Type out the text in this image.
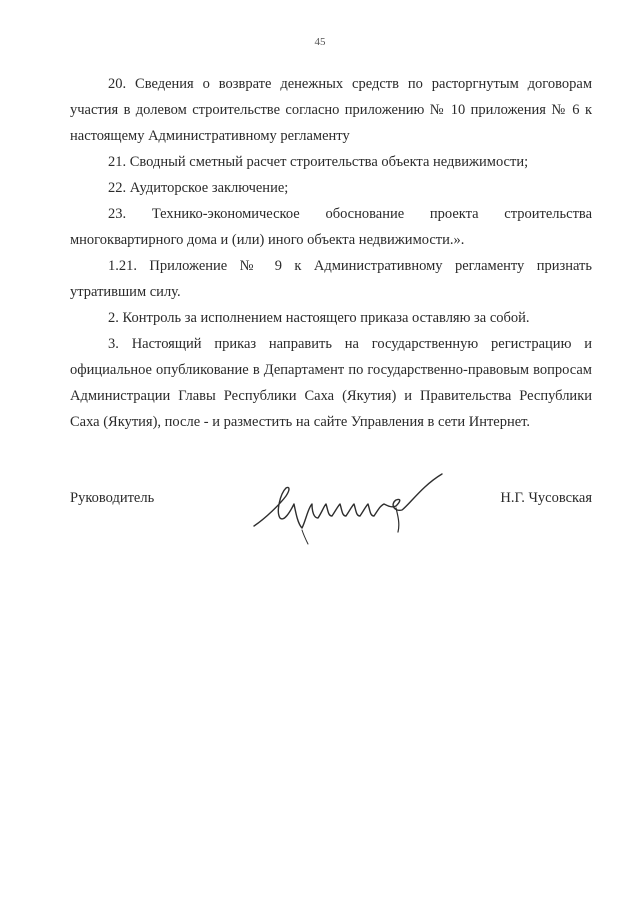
45

20. Сведения о возврате денежных средств по расторгнутым договорам участия в долевом строительстве согласно приложению № 10 приложения № 6 к настоящему Административному регламенту

21. Сводный сметный расчет строительства объекта недвижимости;

22. Аудиторское заключение;

23. Технико-экономическое обоснование проекта строительства многоквартирного дома и (или) иного объекта недвижимости.».

1.21. Приложение № 9 к Административному регламенту признать утратившим силу.

2. Контроль за исполнением настоящего приказа оставляю за собой.

3. Настоящий приказ направить на государственную регистрацию и официальное опубликование в Департамент по государственно-правовым вопросам Администрации Главы Республики Саха (Якутия) и Правительства Республики Саха (Якутия), после - и разместить на сайте Управления в сети Интернет.

Руководитель	Н.Г. Чусовская
